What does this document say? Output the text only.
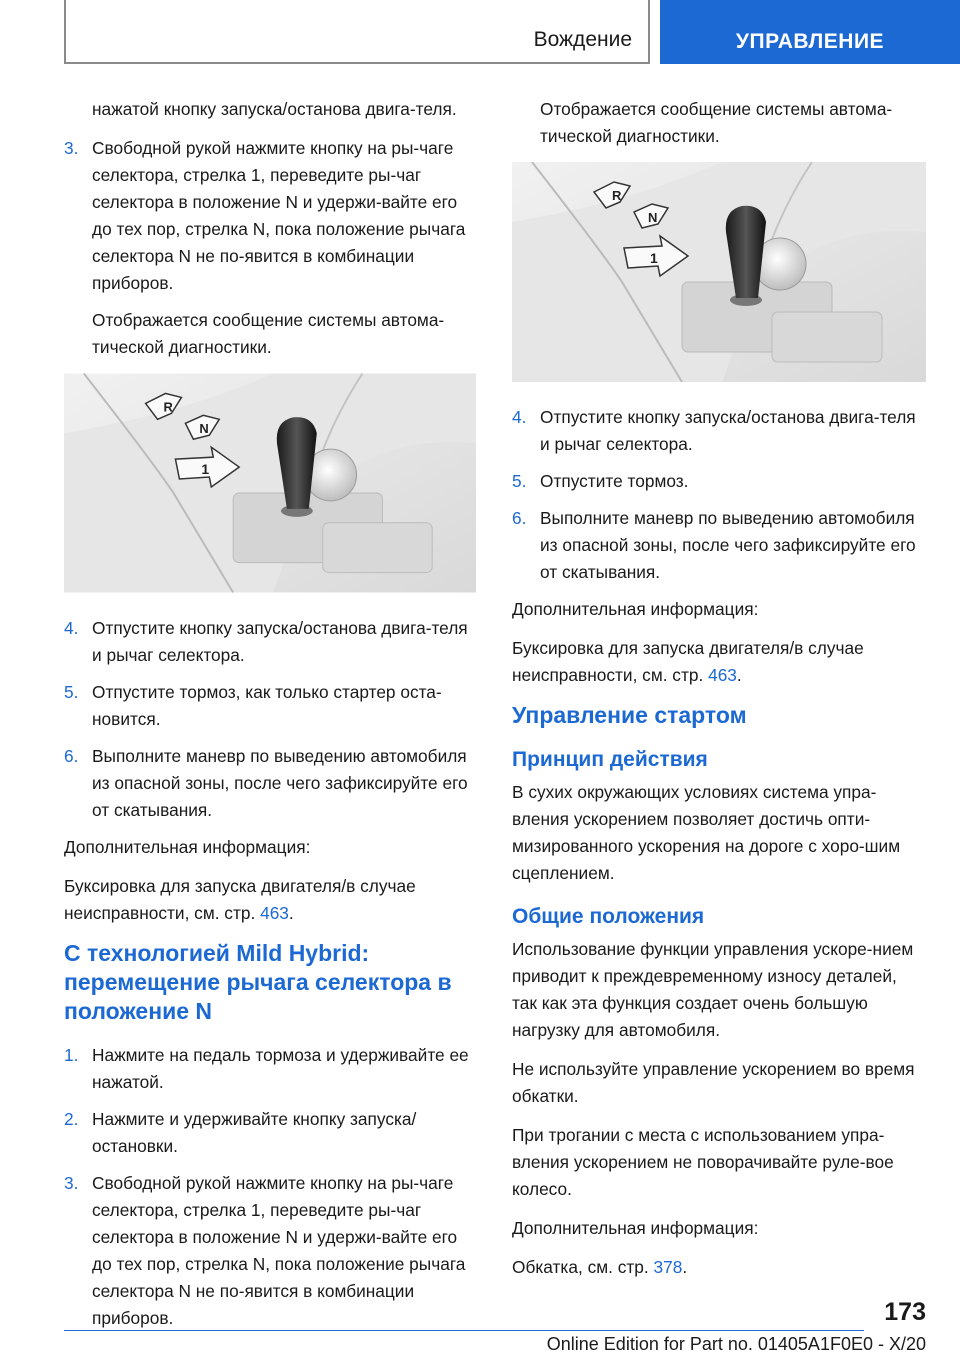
Вождение	УПРАВЛЕНИЕ

нажатой кнопку запуска/останова двига-теля.

3. Свободной рукой нажмите кнопку на ры-чаге селектора, стрелка 1, переведите ры-чаг селектора в положение N и удержи-вайте его до тех пор, стрелка N, пока положение рычага селектора N не по-явится в комбинации приборов.

Отображается сообщение системы автома-тической диагностики.

R
N
1
4. Отпустите кнопку запуска/останова двига-теля и рычаг селектора.
5. Отпустите тормоз, как только стартер оста-новится.
6. Выполните маневр по выведению автомобиля из опасной зоны, после чего зафиксируйте его от скатывания.

Дополнительная информация:

Буксировка для запуска двигателя/в случае неисправности, см. стр. 463.

С технологией Mild Hybrid: перемещение рычага селектора в положение N
1. Нажмите на педаль тормоза и удерживайте ее нажатой.
2. Нажмите и удерживайте кнопку запуска/ остановки.
3. Свободной рукой нажмите кнопку на ры-чаге селектора, стрелка 1, переведите ры-чаг селектора в положение N и удержи-вайте его до тех пор, стрелка N, пока положение рычага селектора N не по-явится в комбинации приборов.

Отображается сообщение системы автома-тической диагностики.

R
N
1
4. Отпустите кнопку запуска/останова двига-теля и рычаг селектора.
5. Отпустите тормоз.
6. Выполните маневр по выведению автомобиля из опасной зоны, после чего зафиксируйте его от скатывания.

Дополнительная информация:

Буксировка для запуска двигателя/в случае неисправности, см. стр. 463.

Управление стартом
Принцип действия

В сухих окружающих условиях система упра-вления ускорением позволяет достичь опти-мизированного ускорения на дороге с хоро-шим сцеплением.

Общие положения

Использование функции управления ускоре-нием приводит к преждевременному износу деталей, так как эта функция создает очень большую нагрузку для автомобиля.

Не используйте управление ускорением во время обкатки.

При трогании с места с использованием упра-вления ускорением не поворачивайте руле-вое колесо.

Дополнительная информация:

Обкатка, см. стр. 378.

173
Online Edition for Part no. 01405A1F0E0 - X/20
